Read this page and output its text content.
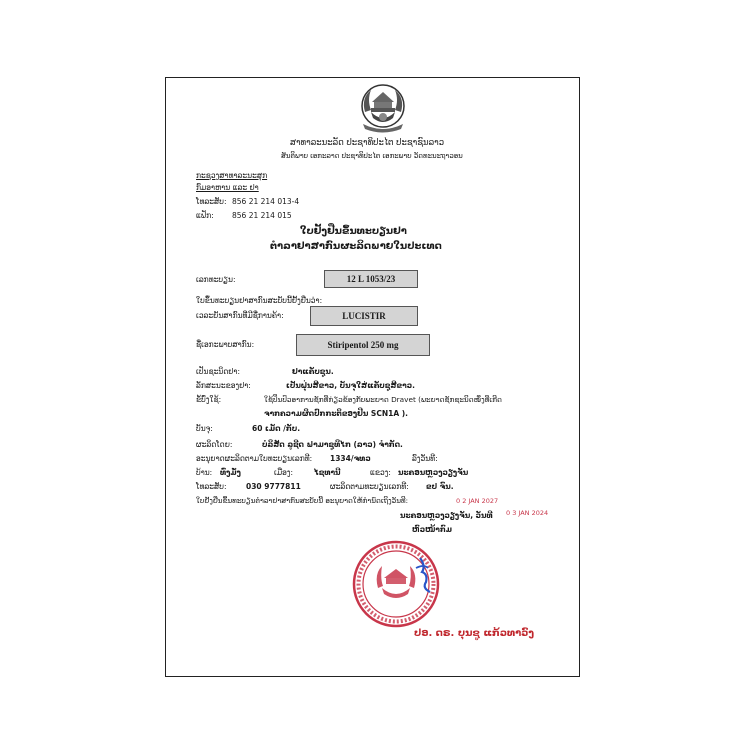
ສາທາລະນະລັດ ປະຊາທິປະໄຕ ປະຊາຊົນລາວ
ສັນຕິພາບ ເອກະລາດ ປະຊາທິປະໄຕ ເອກະພາບ ວັດທະນະຖາວອນ
ກະຊວງສາທາລະນະສຸກ
ກົມອາຫານ ແລະ ຢາ
ໂທລະສັບ: 856 21 214 013-4
ແຟັກ: 856 21 214 015
ໃບຢັ້ງຢືນຂຶ້ນທະບຽນຢາ
ຕຳລາຢາສາກົນຜະລິດພາຍໃນປະເທດ
ເລກທະບຽນ:	12 L 1053/23
ໃບຂຶ້ນທະບຽນຢາສາກົນສະບັບນີ້ຢັ້ງຢືນວ່າ:
ເວລະຍັນສາກົນທີ່ມີຊື່ການຄ້າ:	LUCISTIR
ຊື່ເອກະພາບສາກົນ:	Stiripentol 250 mg
ເປັນຊະນິດຢາ:	ຢາແຄັບຊູນ.
ລັກສະນະຂອງຢາ:	ເປັນຝຸ່ນສີຂາວ, ບັນຈຸໃສ່ແຄັບຊູສີຂາວ.
ຂໍ້ບົ່ງໃຊ້:	ໃຊ້ປິ່ນປົວອາການຊັກທີ່ກ່ຽວຂ້ອງກັບພະຍາດ Dravet (ພະຍາດຊັກຊະນິດໜຶ່ງທີ່ເກີດ
ຈາກຄວາມຜິດປົກກະຕິຂອງຢີນ SCN1A ).
ບັນຈຸ:	60 ເມັດ /ກັບ.
ຜະລິດໂດຍ:	ບໍລິສັດ ລູຊີດ ຟາມາຊູທິໄກ (ລາວ) ຈຳກັດ.
ອະນຸຍາດຜະລິດຕາມໃບທະບຽນເລກທີ: 1334/ຈທວ	ລົງວັນທີ:
ບ້ານ: ທົ່ງມັ່ງ	ເມືອງ:	ໄຊທານີ	ແຂວງ: ນະຄອນຫຼວງວຽງຈັນ
ໂທລະສັບ:	030 9777811	ຜະລິດຕາມທະບຽນເລກທີ: ຂປ ຈົນ.
ໃບຢັ້ງຢືນຂຶ້ນທະບຽນຕຳລາຢາສາກົນສະບັບນີ້ ອະນຸຍາດໃຫ້ກຳນົດເຖິງວັນທີ:	0 2 JAN 2027
ນະຄອນຫຼວງວຽງຈັນ, ວັນທີ 0 3 JAN 2024
ຫົວໜ້າກົມ
ປອ. ດຣ. ບຸນຊູ ແກ້ວທາວົງ
